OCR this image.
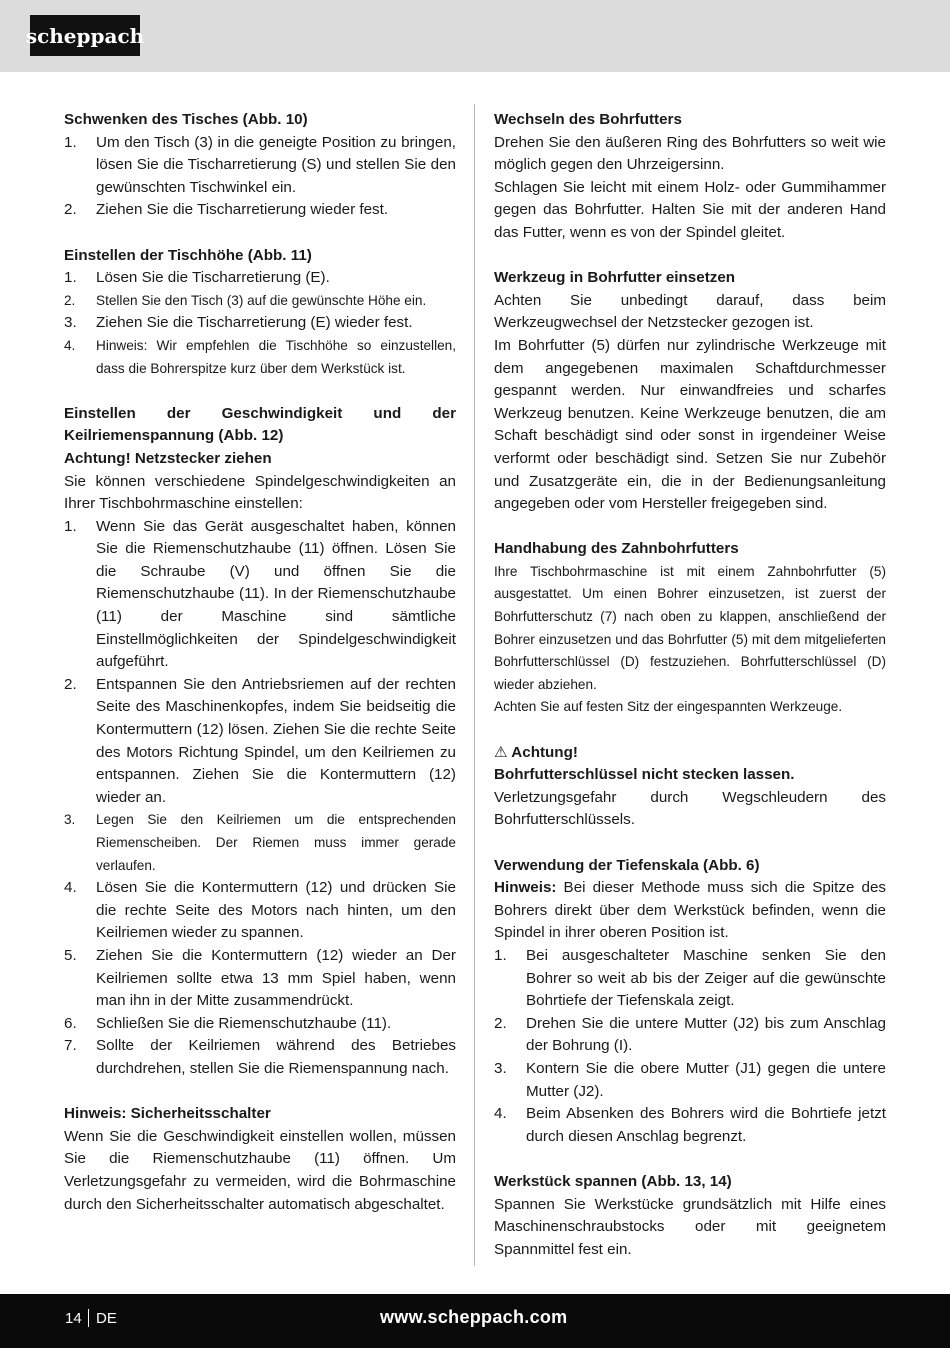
scheppach

Schwenken des Tisches (Abb. 10)

1.	Um den Tisch (3) in die geneigte Position zu bringen, lösen Sie die Tischarretierung (S) und stellen Sie den gewünschten Tischwinkel ein.
2.	Ziehen Sie die Tischarretierung wieder fest.

Einstellen der Tischhöhe (Abb. 11)

1.	Lösen Sie die Tischarretierung (E).
2.	Stellen Sie den Tisch (3) auf die gewünschte Höhe ein.
3.	Ziehen Sie die Tischarretierung (E) wieder fest.
4.	Hinweis: Wir empfehlen die Tischhöhe so einzustellen, dass die Bohrerspitze kurz über dem Werkstück ist.

Einstellen der Geschwindigkeit und der Keilriemenspannung (Abb. 12)

Achtung! Netzstecker ziehen

Sie können verschiedene Spindelgeschwindigkeiten an Ihrer Tischbohrmaschine einstellen:

1.	Wenn Sie das Gerät ausgeschaltet haben, können Sie die Riemenschutzhaube (11) öffnen. Lösen Sie die Schraube (V) und öffnen Sie die Riemenschutzhaube (11). In der Riemenschutzhaube (11) der Maschine sind sämtliche Einstellmöglichkeiten der Spindelgeschwindigkeit aufgeführt.
2.	Entspannen Sie den Antriebsriemen auf der rechten Seite des Maschinenkopfes, indem Sie beidseitig die Kontermuttern (12) lösen. Ziehen Sie die rechte Seite des Motors Richtung Spindel, um den Keilriemen zu entspannen. Ziehen Sie die Kontermuttern (12) wieder an.
3.	Legen Sie den Keilriemen um die entsprechenden Riemenscheiben. Der Riemen muss immer gerade verlaufen.
4.	Lösen Sie die Kontermuttern (12) und drücken Sie die rechte Seite des Motors nach hinten, um den Keilriemen wieder zu spannen.
5.	Ziehen Sie die Kontermuttern (12) wieder an Der Keilriemen sollte etwa 13 mm Spiel haben, wenn man ihn in der Mitte zusammendrückt.
6.	Schließen Sie die Riemenschutzhaube (11).
7.	Sollte der Keilriemen während des Betriebes durchdrehen, stellen Sie die Riemenspannung nach.

Hinweis: Sicherheitsschalter

Wenn Sie die Geschwindigkeit einstellen wollen, müssen Sie die Riemenschutzhaube (11) öffnen. Um Verletzungsgefahr zu vermeiden, wird die Bohrmaschine durch den Sicherheitsschalter automatisch abgeschaltet.

Wechseln des Bohrfutters

Drehen Sie den äußeren Ring des Bohrfutters so weit wie möglich gegen den Uhrzeigersinn.

Schlagen Sie leicht mit einem Holz- oder Gummihammer gegen das Bohrfutter. Halten Sie mit der anderen Hand das Futter, wenn es von der Spindel gleitet.

Werkzeug in Bohrfutter einsetzen

Achten Sie unbedingt darauf, dass beim Werkzeugwechsel der Netzstecker gezogen ist.

Im Bohrfutter (5) dürfen nur zylindrische Werkzeuge mit dem angegebenen maximalen Schaftdurchmesser gespannt werden. Nur einwandfreies und scharfes Werkzeug benutzen. Keine Werkzeuge benutzen, die am Schaft beschädigt sind oder sonst in irgendeiner Weise verformt oder beschädigt sind. Setzen Sie nur Zubehör und Zusatzgeräte ein, die in der Bedienungsanleitung angegeben oder vom Hersteller freigegeben sind.

Handhabung des Zahnbohrfutters

Ihre Tischbohrmaschine ist mit einem Zahnbohrfutter (5) ausgestattet. Um einen Bohrer einzusetzen, ist zuerst der Bohrfutterschutz (7) nach oben zu klappen, anschließend der Bohrer einzusetzen und das Bohrfutter (5) mit dem mitgelieferten Bohrfutterschlüssel (D) festzuziehen. Bohrfutterschlüssel (D) wieder abziehen.

Achten Sie auf festen Sitz der eingespannten Werkzeuge.

⚠ Achtung!

Bohrfutterschlüssel nicht stecken lassen.

Verletzungsgefahr durch Wegschleudern des Bohrfutterschlüssels.

Verwendung der Tiefenskala (Abb. 6)

Hinweis: Bei dieser Methode muss sich die Spitze des Bohrers direkt über dem Werkstück befinden, wenn die Spindel in ihrer oberen Position ist.

1.	Bei ausgeschalteter Maschine senken Sie den Bohrer so weit ab bis der Zeiger auf die gewünschte Bohrtiefe der Tiefenskala zeigt.
2.	Drehen Sie die untere Mutter (J2) bis zum Anschlag der Bohrung (I).
3.	Kontern Sie die obere Mutter (J1) gegen die untere Mutter (J2).
4.	Beim Absenken des Bohrers wird die Bohrtiefe jetzt durch diesen Anschlag begrenzt.

Werkstück spannen (Abb. 13, 14)

Spannen Sie Werkstücke grundsätzlich mit Hilfe eines Maschinenschraubstocks oder mit geeignetem Spannmittel fest ein.

14 DE	www.scheppach.com
